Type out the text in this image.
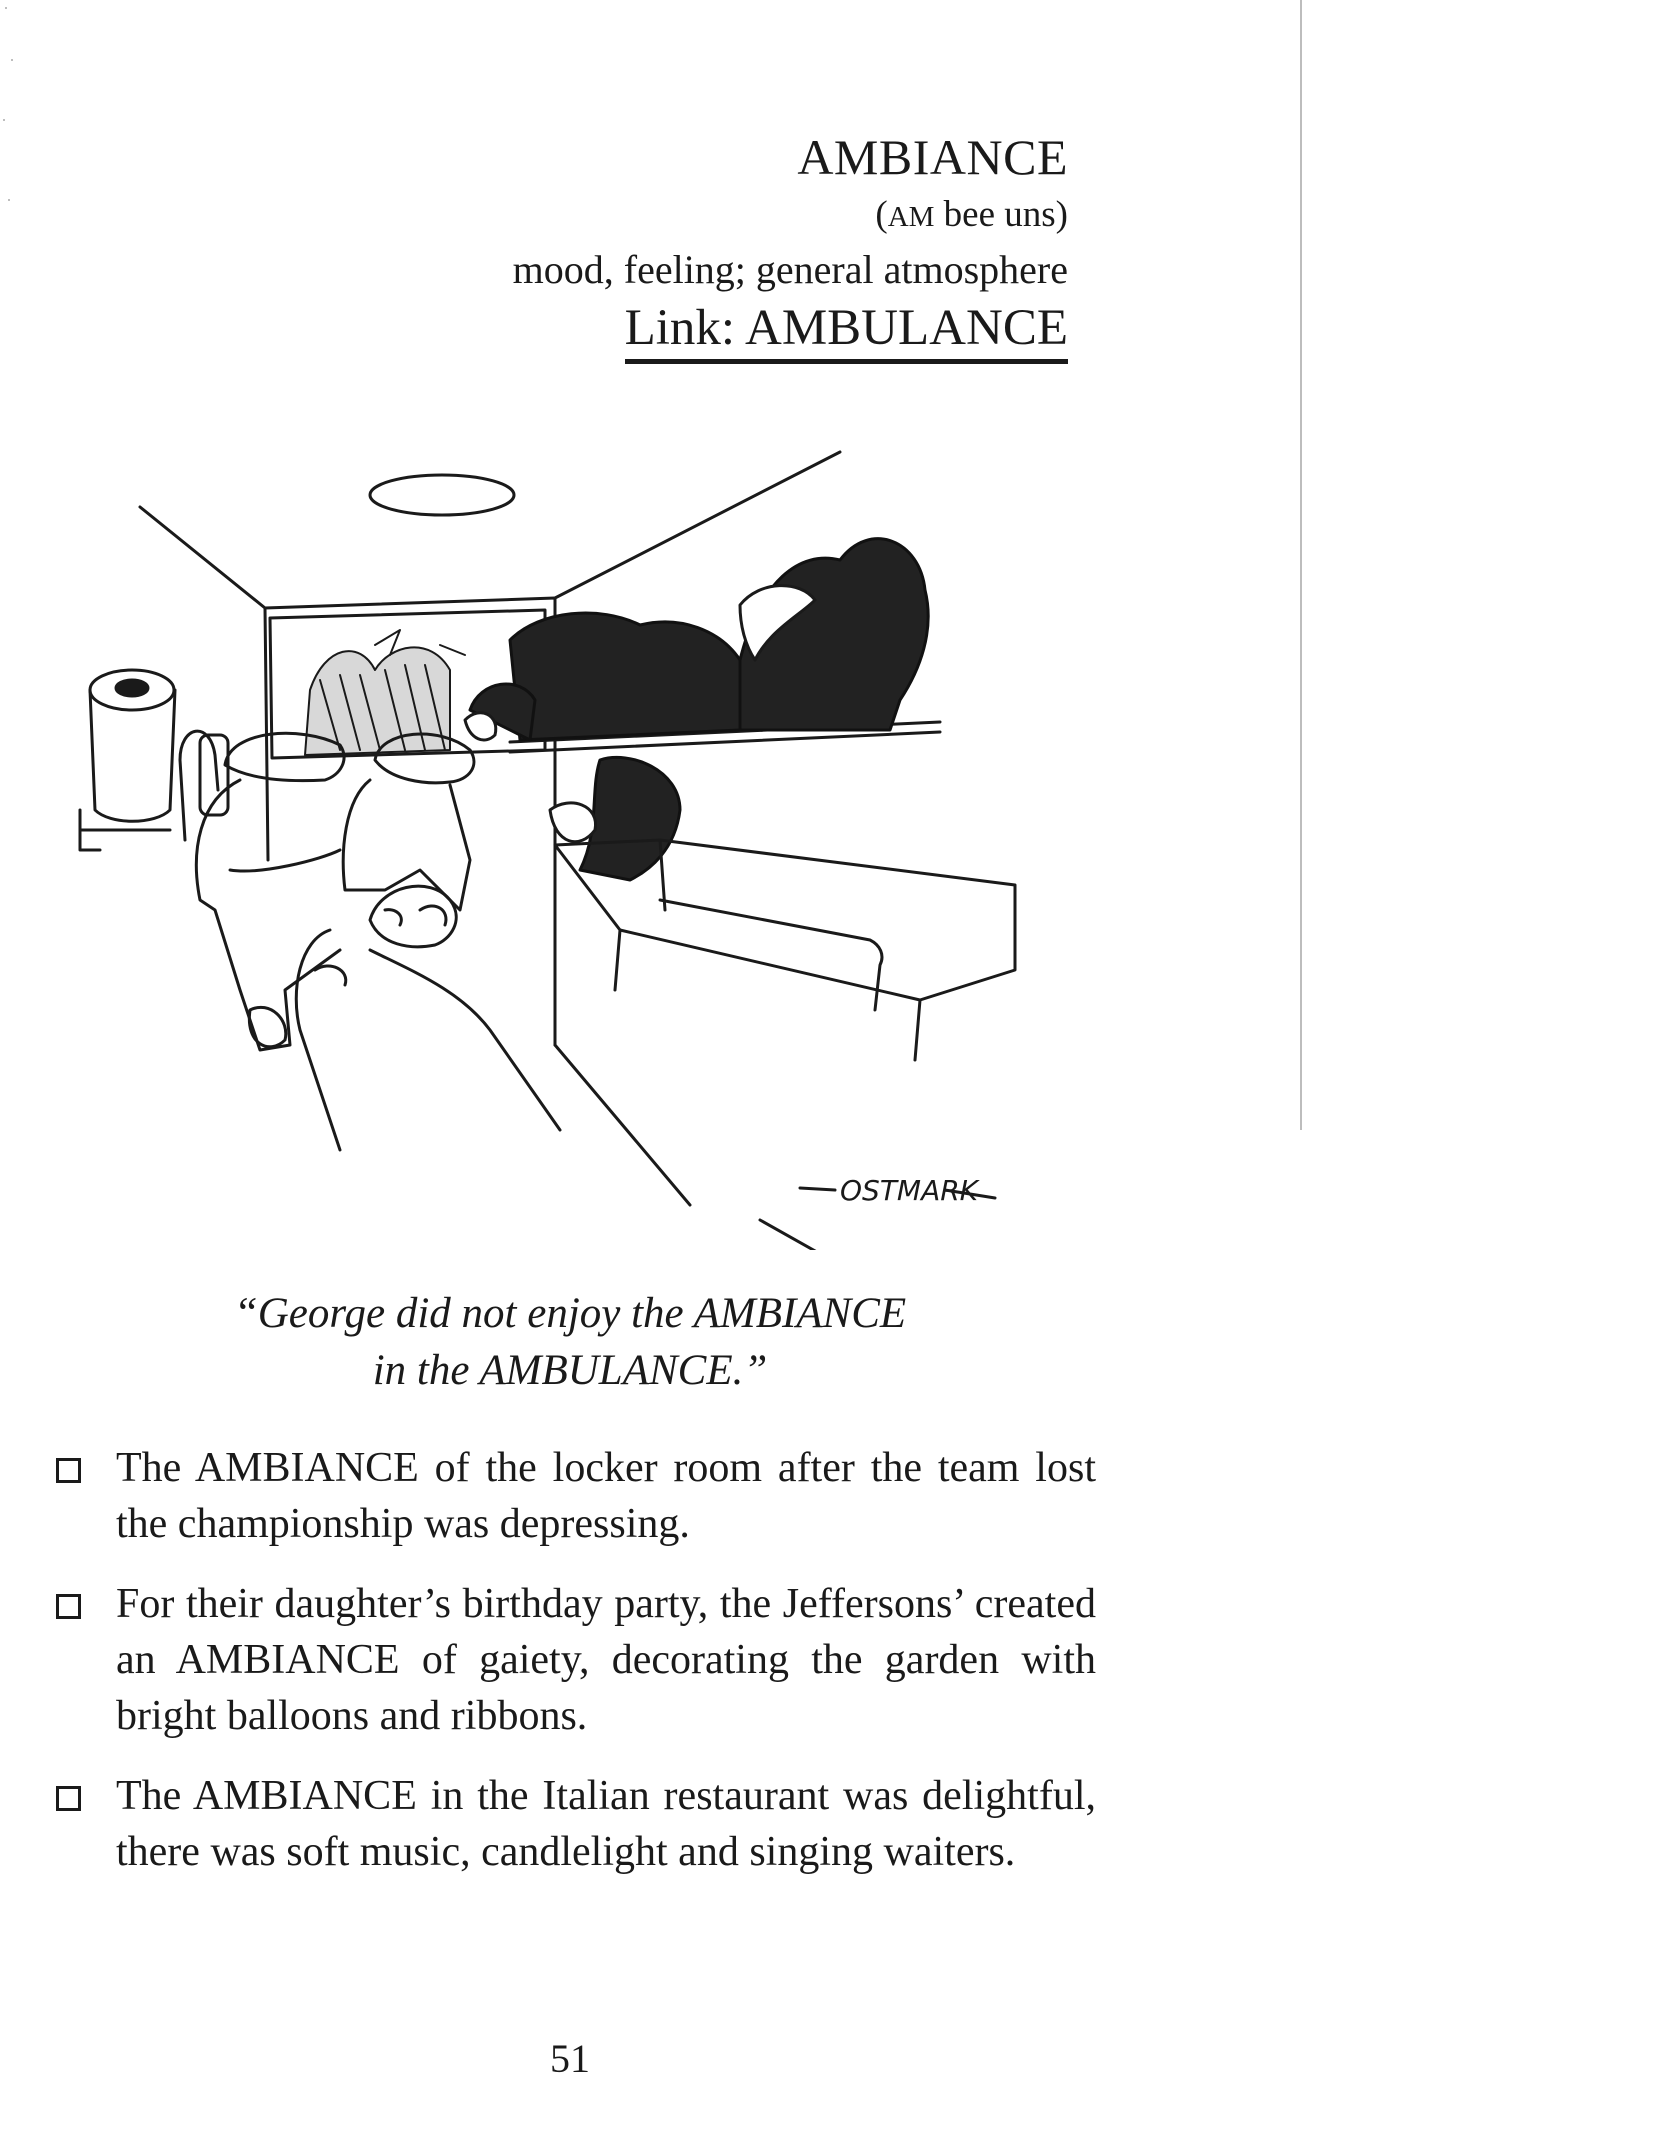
AMBIANCE
(AM bee uns)
mood, feeling; general atmosphere
Link: AMBULANCE
OSTMARK
“George did not enjoy the AMBIANCE
in the AMBULANCE.”
The AMBIANCE of the locker room after the team lost the championship was depressing.
For their daughter’s birthday party, the Jeffersons’ created an AMBIANCE of gaiety, decorating the garden with bright balloons and ribbons.
The AMBIANCE in the Italian restaurant was delightful, there was soft music, candlelight and singing waiters.
51
